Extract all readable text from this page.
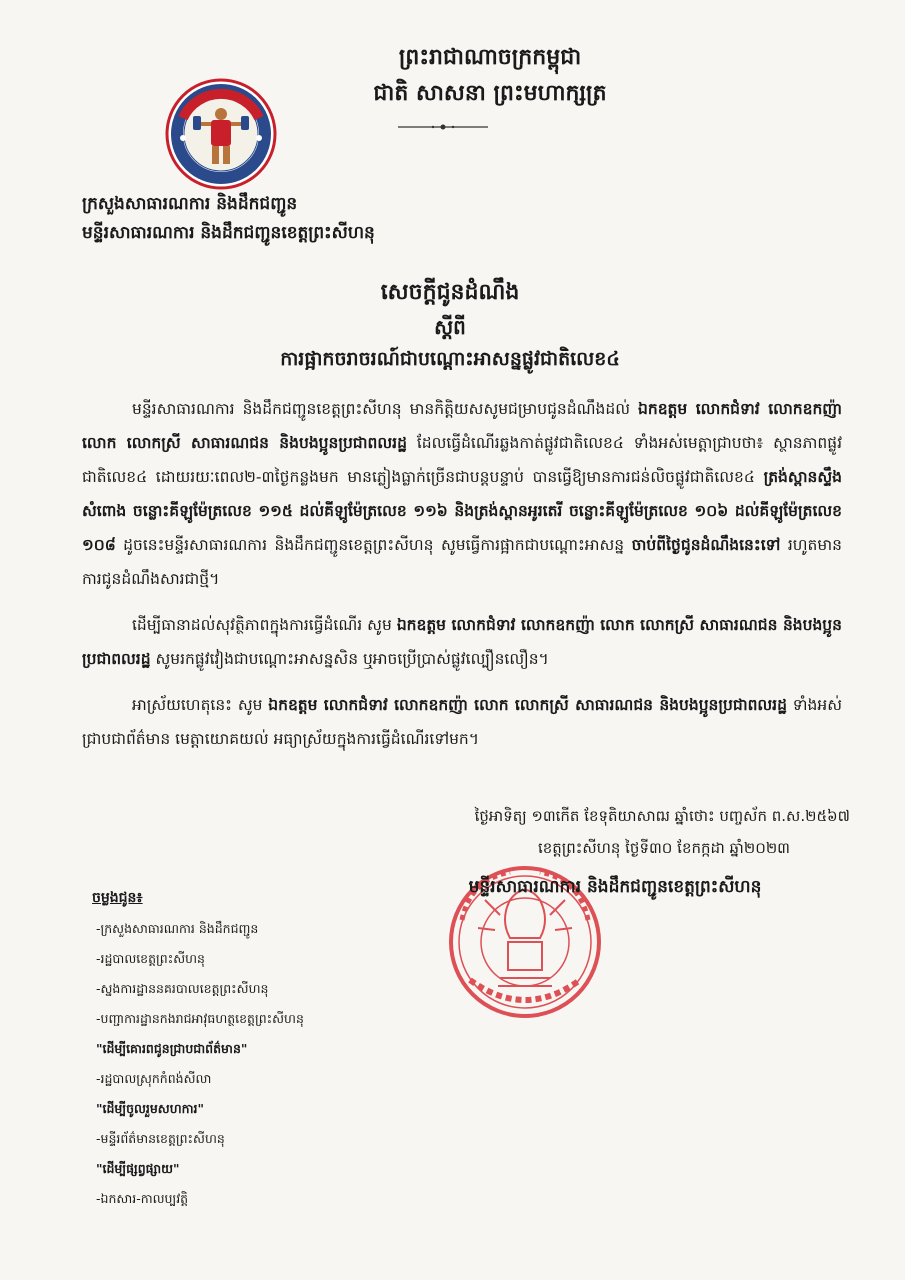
ព្រះរាជាណាចក្រកម្ពុជា
ជាតិ សាសនា ព្រះមហាក្សត្រ
ក្រសួងសាធារណការ និងដឹកជញ្ជូន
មន្ទីរសាធារណការ និងដឹកជញ្ជូនខេត្តព្រះសីហនុ
សេចក្តីជូនដំណឹង
ស្តីពី
ការផ្អាកចរាចរណ៍ជាបណ្តោះអាសន្នផ្លូវជាតិលេខ៤

មន្ទីរសាធារណការ និងដឹកជញ្ជូនខេត្តព្រះសីហនុ មានកិត្តិយសសូមជម្រាបជូនដំណឹងដល់ ឯកឧត្តម លោកជំទាវ លោកឧកញ៉ា លោក លោកស្រី សាធារណជន និងបងប្អូនប្រជាពលរដ្ឋ ដែលធ្វើដំណើរឆ្លងកាត់ផ្លូវជាតិលេខ៤ ទាំងអស់មេត្តាជ្រាបថា៖ ស្ថានភាពផ្លូវជាតិលេខ៤ ដោយរយៈពេល២-៣ថ្ងៃកន្លងមក មានភ្លៀងធ្លាក់ច្រើនជាបន្តបន្ទាប់ បានធ្វើឱ្យមានការជន់លិចផ្លូវជាតិលេខ៤ ត្រង់ស្ពានស្ទឹងសំពោង ចន្លោះគីឡូម៉ែត្រលេខ ១១៥ ដល់គីឡូម៉ែត្រលេខ ១១៦ និងត្រង់ស្ពានអូរតេរី ចន្លោះគីឡូម៉ែត្រលេខ ១០៦ ដល់គីឡូម៉ែត្រលេខ ១០៨ ដូចនេះមន្ទីរសាធារណការ និងដឹកជញ្ជូនខេត្តព្រះសីហនុ សូមធ្វើការផ្អាកជាបណ្តោះអាសន្ន ចាប់ពីថ្ងៃជូនដំណឹងនេះទៅ រហូតមានការជូនដំណឹងសារជាថ្មី។

ដើម្បីធានាដល់សុវត្ថិភាពក្នុងការធ្វើដំណើរ សូម ឯកឧត្តម លោកជំទាវ លោកឧកញ៉ា លោក លោកស្រី សាធារណជន និងបងប្អូនប្រជាពលរដ្ឋ សូមរកផ្លូវវៀងជាបណ្តោះអាសន្នសិន ឬអាចប្រើប្រាស់ផ្លូវល្បឿនលឿន។

អាស្រ័យហេតុនេះ សូម ឯកឧត្តម លោកជំទាវ លោកឧកញ៉ា លោក លោកស្រី សាធារណជន និងបងប្អូនប្រជាពលរដ្ឋ ទាំងអស់ជ្រាបជាព័ត៌មាន មេត្តាយោគយល់ អធ្យាស្រ័យក្នុងការធ្វើដំណើរទៅមក។

ថ្ងៃអាទិត្យ ១៣កើត ខែទុតិយាសាឍ ឆ្នាំថោះ បញ្ចស័ក ព.ស.២៥៦៧
ខេត្តព្រះសីហនុ ថ្ងៃទី៣០ ខែកក្កដា ឆ្នាំ២០២៣
មន្ទីរសាធារណការ និងដឹកជញ្ជូនខេត្តព្រះសីហនុ
ចម្លងជូន៖
-ក្រសួងសាធារណការ និងដឹកជញ្ជូន
-រដ្ឋបាលខេត្តព្រះសីហនុ
-ស្នងការដ្ឋាននគរបាលខេត្តព្រះសីហនុ
-បញ្ជាការដ្ឋានកងរាជអាវុធហត្ថខេត្តព្រះសីហនុ
"ដើម្បីគោរពជូនជ្រាបជាព័ត៌មាន"
-រដ្ឋបាលស្រុកកំពង់សីលា
"ដើម្បីចូលរួមសហការ"
-មន្ទីរព័ត៌មានខេត្តព្រះសីហនុ
"ដើម្បីផ្សព្វផ្សាយ"
-ឯកសារ-កាលប្បវត្តិ
